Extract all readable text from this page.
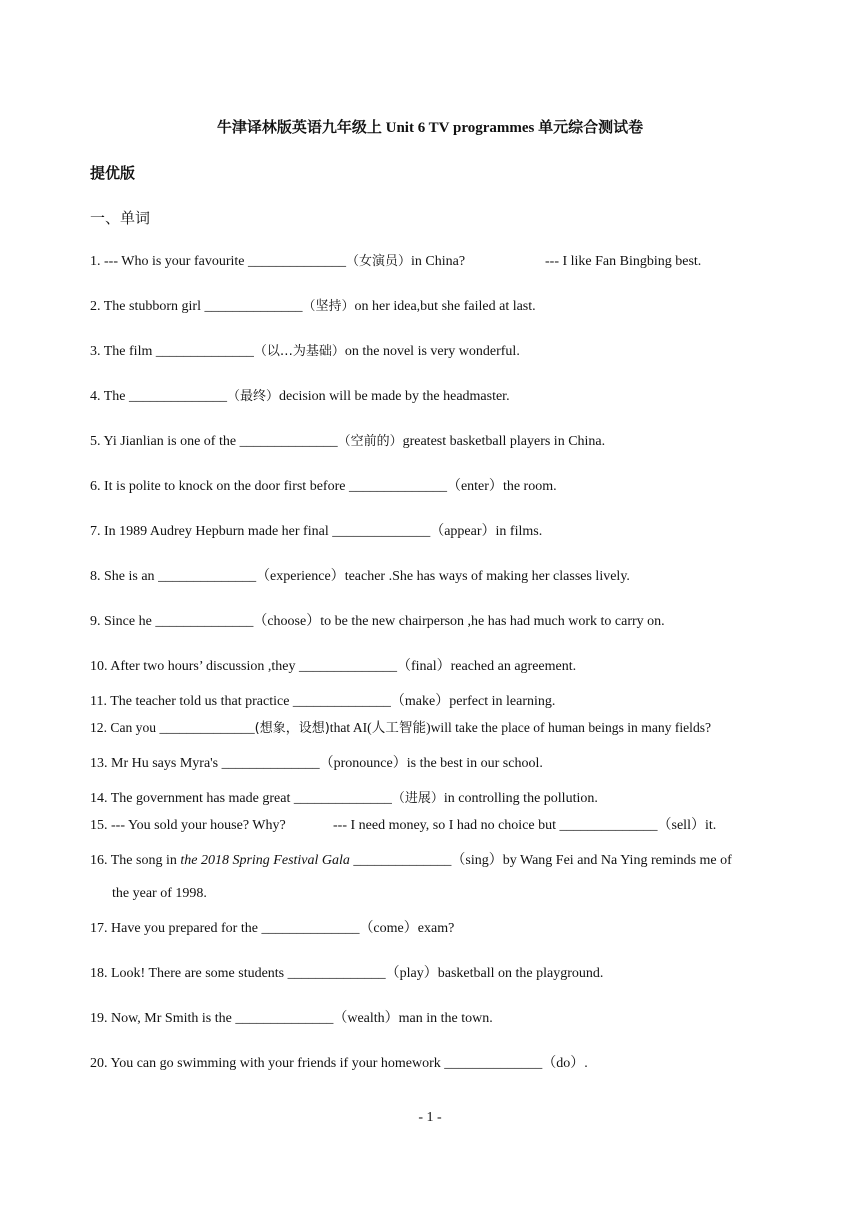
牛津译林版英语九年级上 Unit 6 TV programmes 单元综合测试卷
提优版
一、单词
1. --- Who is your favourite ______________（女演员）in China?	--- I like Fan Bingbing best.
2. The stubborn girl ______________（坚持）on her idea,but she failed at last.
3. The film ______________（以…为基础）on the novel is very wonderful.
4. The ______________（最终）decision will be made by the headmaster.
5. Yi Jianlian is one of the ______________（空前的）greatest basketball players in China.
6. It is polite to knock on the door first before ______________（enter）the room.
7. In 1989 Audrey Hepburn made her final ______________（appear）in films.
8. She is an ______________（experience）teacher .She has ways of making her classes lively.
9. Since he ______________（choose）to be the new chairperson ,he has had much work to carry on.
10. After two hours’ discussion ,they ______________（final）reached an agreement.
11. The teacher told us that practice ______________（make）perfect in learning.
12. Can you ______________(想象，设想)that AI(人工智能)will take the place of human beings in many fields?
13. Mr Hu says Myra's ______________（pronounce）is the best in our school.
14. The government has made great ______________（进展）in controlling the pollution.
15. --- You sold your house? Why?	--- I need money, so I had no choice but ______________（sell）it.
16. The song in the 2018 Spring Festival Gala ______________（sing）by Wang Fei and Na Ying reminds me of
the year of 1998.
17. Have you prepared for the ______________（come）exam?
18. Look! There are some students ______________（play）basketball on the playground.
19. Now, Mr Smith is the ______________（wealth）man in the town.
20. You can go swimming with your friends if your homework ______________（do）.
- 1 -
